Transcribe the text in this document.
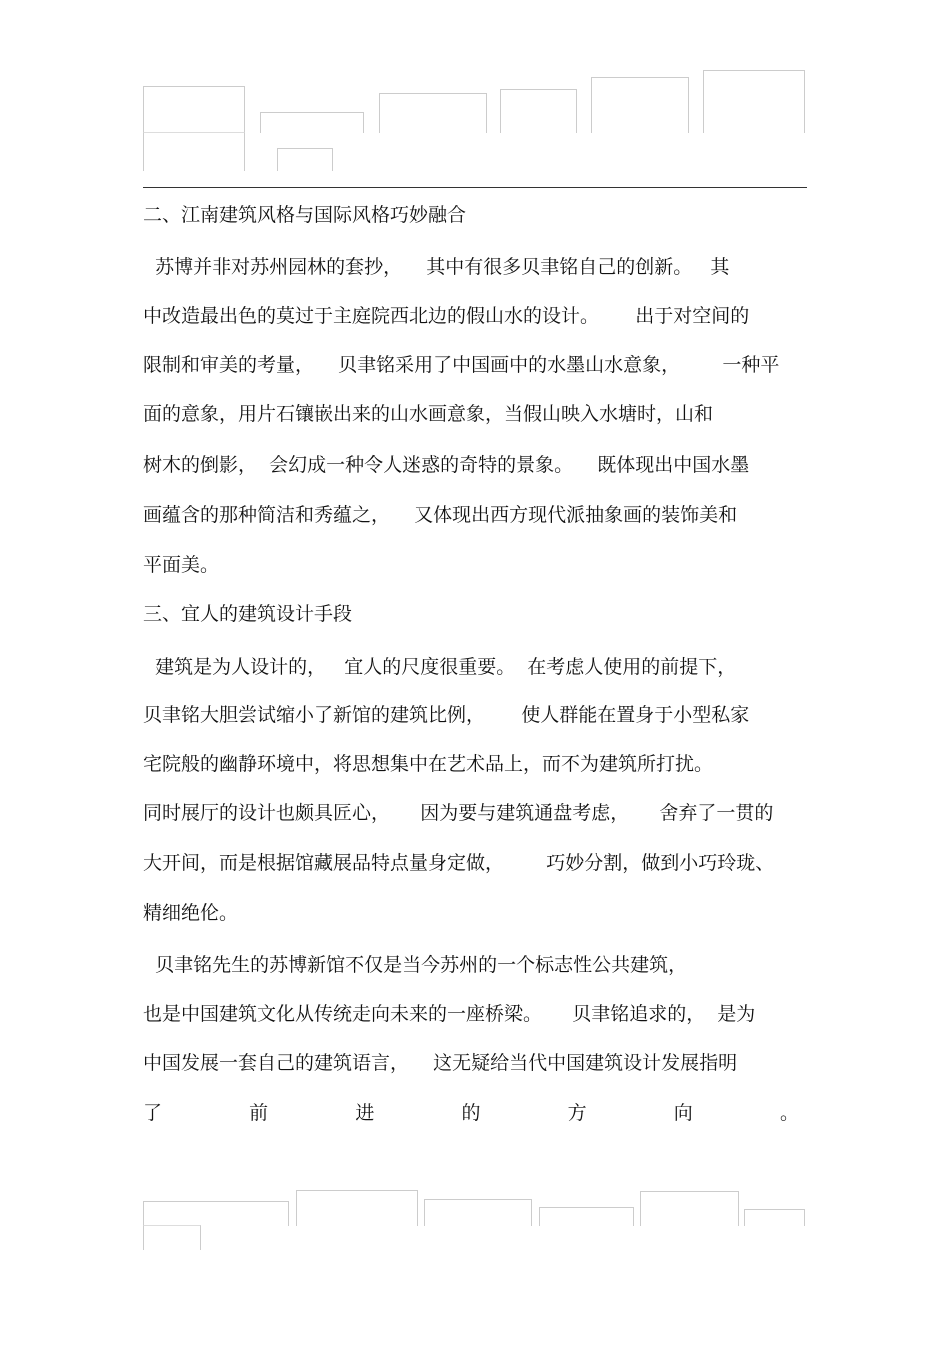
二、江南建筑风格与国际风格巧妙融合

苏博并非对苏州园林的套抄，    其中有很多贝聿铭自己的创新。   其

中改造最出色的莫过于主庭院西北边的假山水的设计。      出于对空间的

限制和审美的考量，    贝聿铭采用了中国画中的水墨山水意象，       一种平

面的意象，用片石镶嵌出来的山水画意象，当假山映入水塘时，山和

树木的倒影，  会幻成一种令人迷惑的奇特的景象。    既体现出中国水墨

画蕴含的那种简洁和秀蕴之，    又体现出西方现代派抽象画的装饰美和

平面美。

三、宜人的建筑设计手段

建筑是为人设计的，   宜人的尺度很重要。  在考虑人使用的前提下，

贝聿铭大胆尝试缩小了新馆的建筑比例，      使人群能在置身于小型私家

宅院般的幽静环境中，将思想集中在艺术品上，而不为建筑所打扰。

同时展厅的设计也颇具匠心，     因为要与建筑通盘考虑，     舍弃了一贯的

大开间，而是根据馆藏展品特点量身定做，       巧妙分割，做到小巧玲珑、

精细绝伦。

贝聿铭先生的苏博新馆不仅是当今苏州的一个标志性公共建筑，

也是中国建筑文化从传统走向未来的一座桥梁。     贝聿铭追求的，  是为

中国发展一套自己的建筑语言，    这无疑给当代中国建筑设计发展指明

了	前	进	的	方	向	。
